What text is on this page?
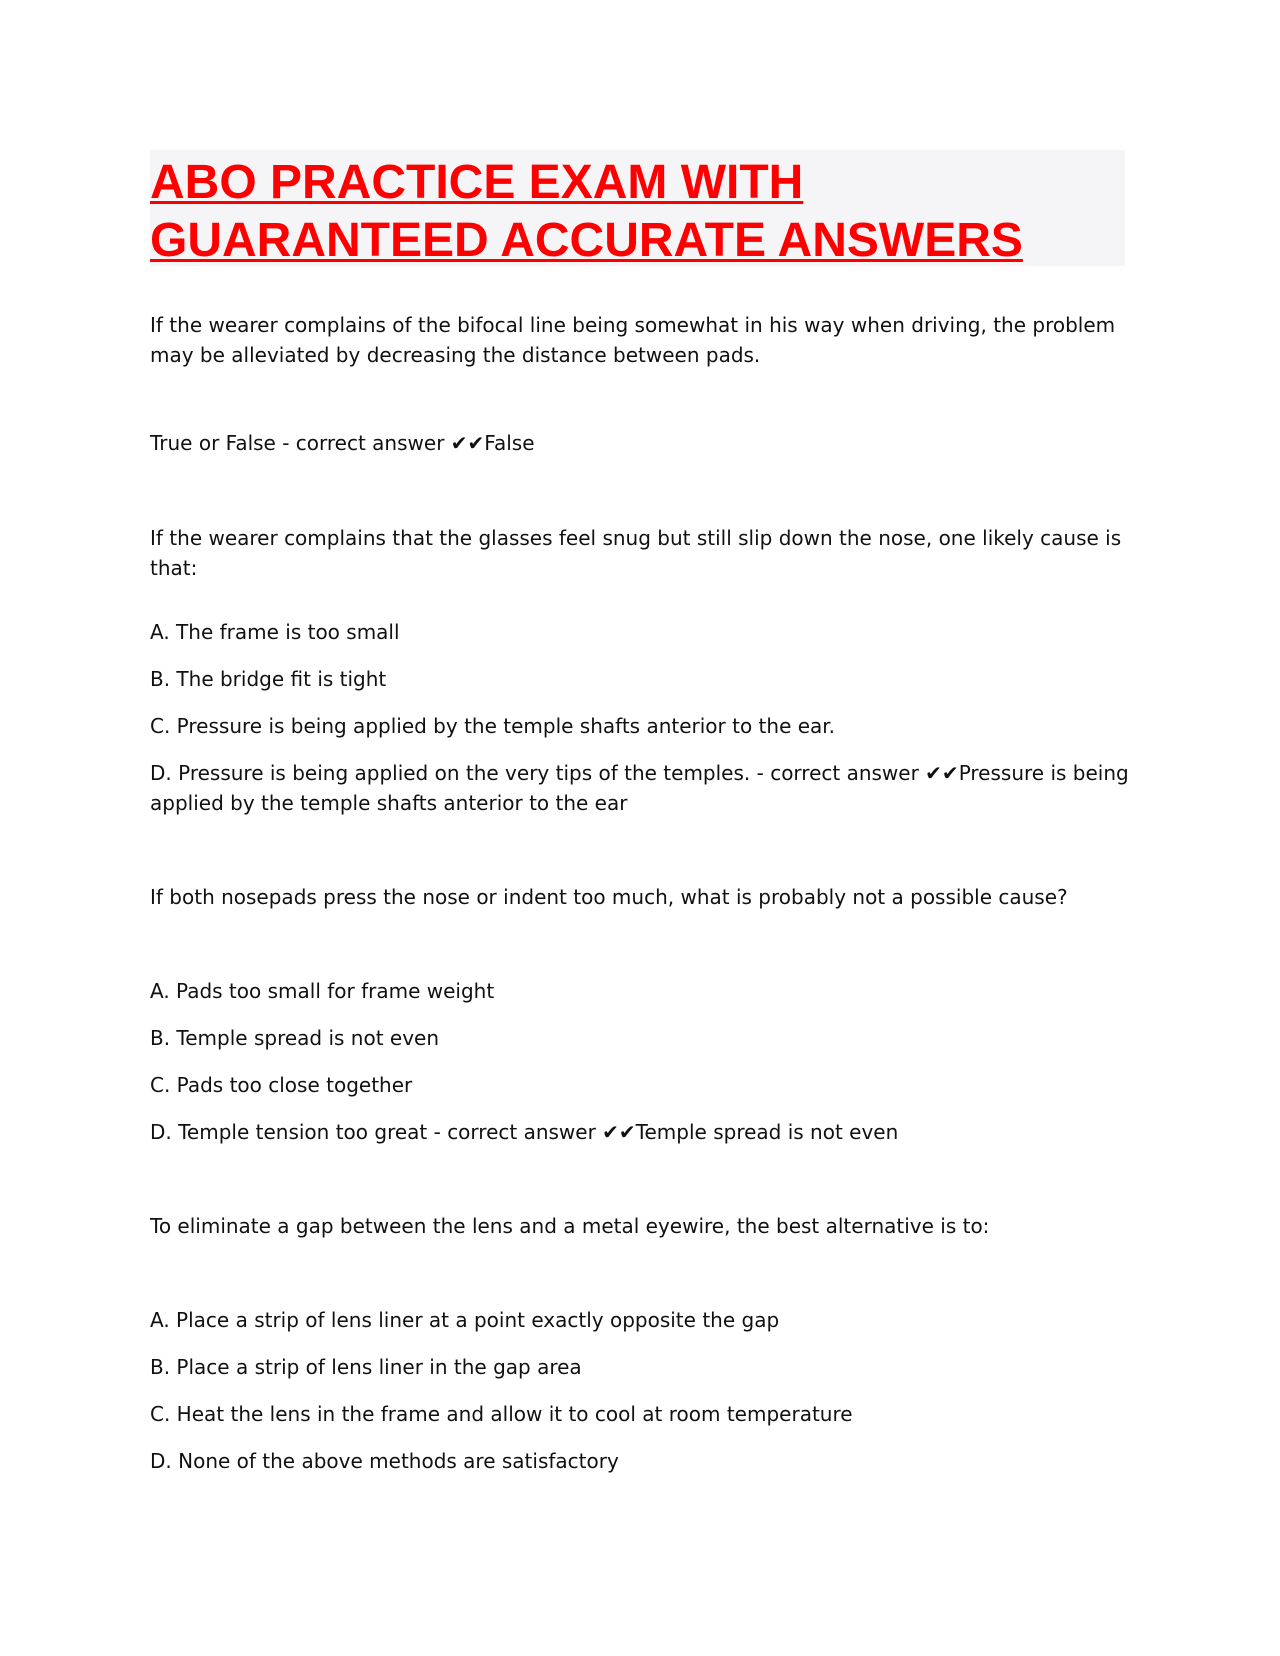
ABO PRACTICE EXAM WITH GUARANTEED ACCURATE ANSWERS

If the wearer complains of the bifocal line being somewhat in his way when driving, the problem may be alleviated by decreasing the distance between pads.

True or False - correct answer ✔✔False

If the wearer complains that the glasses feel snug but still slip down the nose, one likely cause is that:

A. The frame is too small

B. The bridge fit is tight

C. Pressure is being applied by the temple shafts anterior to the ear.

D. Pressure is being applied on the very tips of the temples. - correct answer ✔✔Pressure is being applied by the temple shafts anterior to the ear

If both nosepads press the nose or indent too much, what is probably not a possible cause?

A. Pads too small for frame weight

B. Temple spread is not even

C. Pads too close together

D. Temple tension too great - correct answer ✔✔Temple spread is not even

To eliminate a gap between the lens and a metal eyewire, the best alternative is to:

A. Place a strip of lens liner at a point exactly opposite the gap

B. Place a strip of lens liner in the gap area

C. Heat the lens in the frame and allow it to cool at room temperature

D. None of the above methods are satisfactory
